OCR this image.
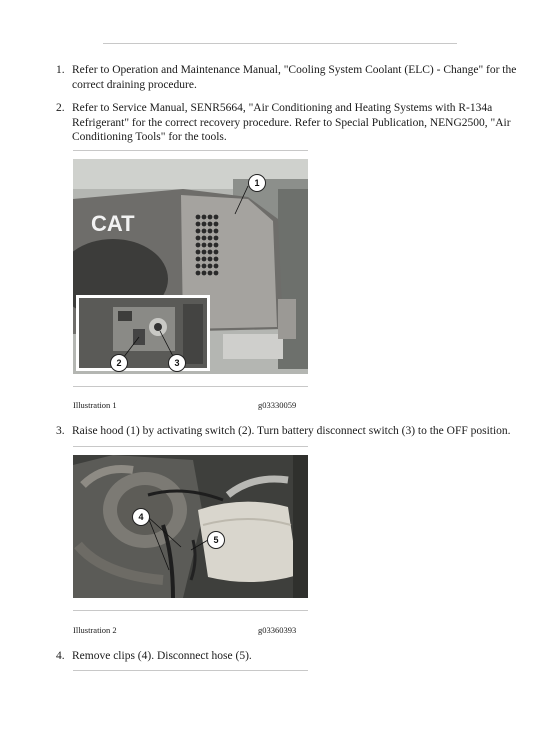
1. Refer to Operation and Maintenance Manual, "Cooling System Coolant (ELC) - Change" for the correct draining procedure.
2. Refer to Service Manual, SENR5664, "Air Conditioning and Heating Systems with R-134a Refrigerant" for the correct recovery procedure. Refer to Special Publication, NENG2500, "Air Conditioning Tools" for the tools.
CAT
1
2	3
Illustration 1	g03330059
3. Raise hood (1) by activating switch (2). Turn battery disconnect switch (3) to the OFF position.
4
5
Illustration 2	g03360393
4. Remove clips (4). Disconnect hose (5).
